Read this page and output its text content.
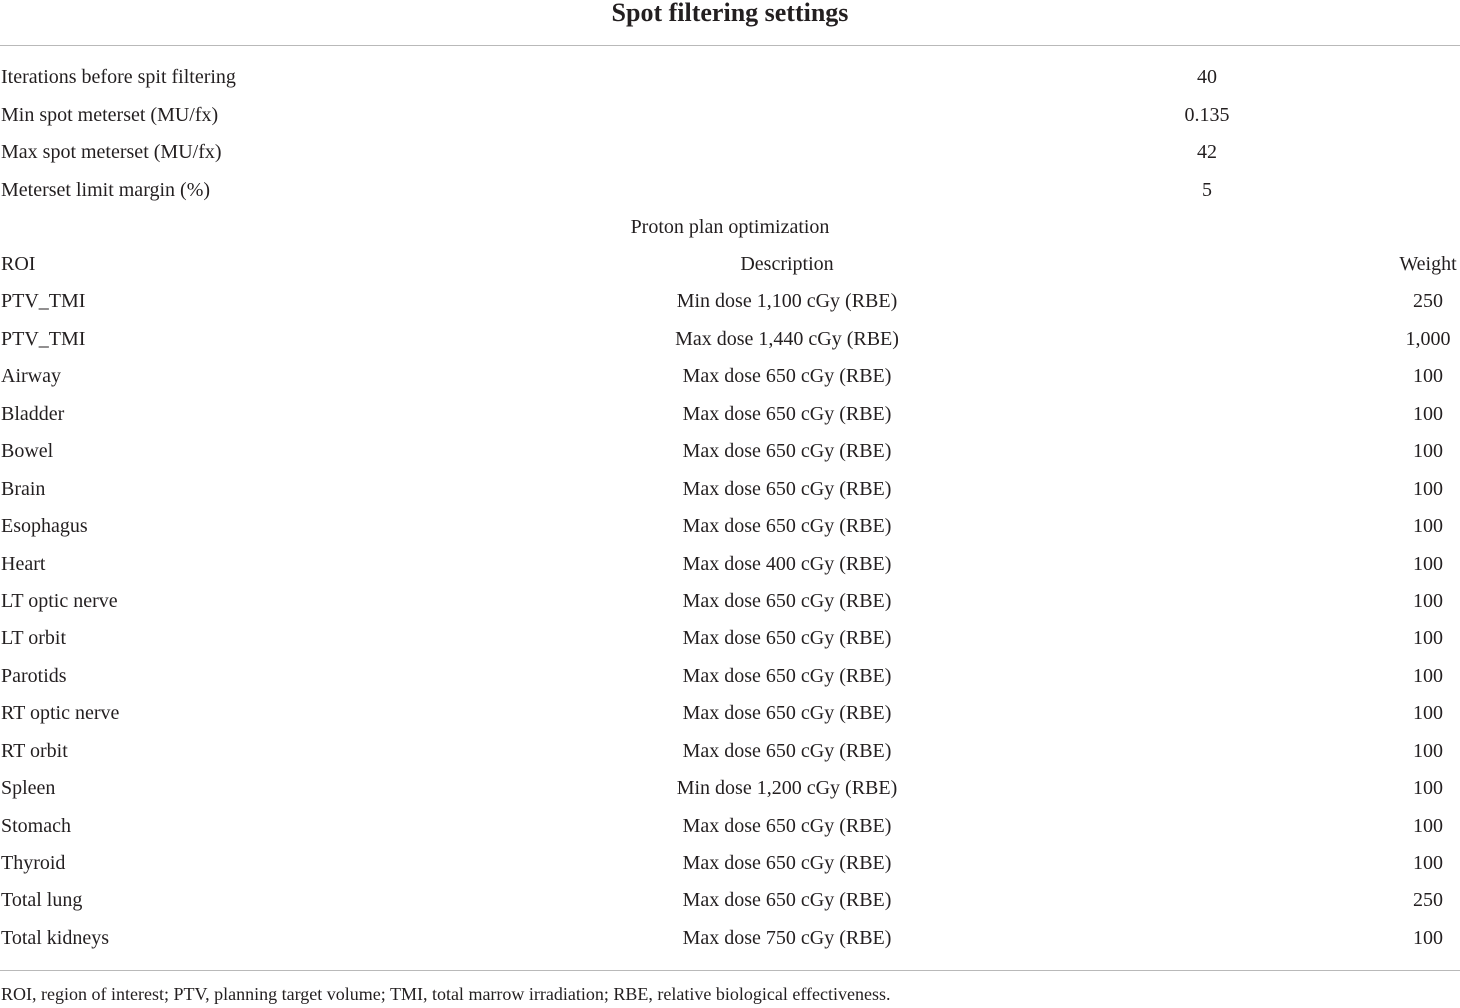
Spot filtering settings
Iterations before spit filtering	40
Min spot meterset (MU/fx)	0.135
Max spot meterset (MU/fx)	42
Meterset limit margin (%)	5
Proton plan optimization
ROI	Description	Weight
PTV_TMI	Min dose 1,100 cGy (RBE)	250
PTV_TMI	Max dose 1,440 cGy (RBE)	1,000
Airway	Max dose 650 cGy (RBE)	100
Bladder	Max dose 650 cGy (RBE)	100
Bowel	Max dose 650 cGy (RBE)	100
Brain	Max dose 650 cGy (RBE)	100
Esophagus	Max dose 650 cGy (RBE)	100
Heart	Max dose 400 cGy (RBE)	100
LT optic nerve	Max dose 650 cGy (RBE)	100
LT orbit	Max dose 650 cGy (RBE)	100
Parotids	Max dose 650 cGy (RBE)	100
RT optic nerve	Max dose 650 cGy (RBE)	100
RT orbit	Max dose 650 cGy (RBE)	100
Spleen	Min dose 1,200 cGy (RBE)	100
Stomach	Max dose 650 cGy (RBE)	100
Thyroid	Max dose 650 cGy (RBE)	100
Total lung	Max dose 650 cGy (RBE)	250
Total kidneys	Max dose 750 cGy (RBE)	100
ROI, region of interest; PTV, planning target volume; TMI, total marrow irradiation; RBE, relative biological effectiveness.
